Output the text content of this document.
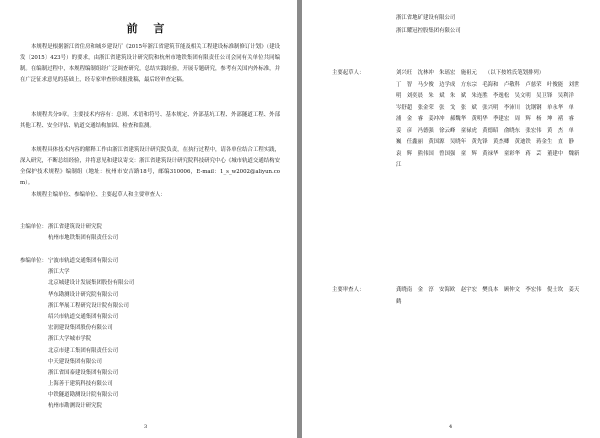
前 言
本规程是根据浙江省住房和城乡建设厅《2015年浙江省建筑节能及相关工程建设标准制修订计划》（建设发〔2015〕423号）的要求，由浙江省建筑设计研究院和杭州市地铁集团有限责任公司会同有关单位共同编制。在编制过程中，本规程编制组经广泛调查研究，总结实践经验，开展专题研究，参考有关国内外标准，并在广泛征求意见的基础上，经专家审查形成报批稿，最后经审查定稿。
本规程共分9章。主要技术内容有：总则、术语和符号、基本规定、外部基坑工程、外部隧道工程、外部其他工程、安全评估、轨道交通结构加固、检查和监测。
本规程具体技术内容的解释工作由浙江省建筑设计研究院负责，在执行过程中，请各单位结合工程实践，深入研究，不断总结经验，并将意见和建议寄交：浙江省建筑设计研究院科技研究中心《城市轨道交通结构安全保护技术规程》编制组（地址：杭州市安吉路18号，邮编310006，E-mail：1_s_w2002@aliyun.com）。
本规程主编单位、参编单位、主要起草人和主要审查人：
主编单位： 浙江省建筑设计研究院
杭州市地铁集团有限责任公司
参编单位： 宁波市轨道交通集团有限公司
浙江大学
北京城建设计发展集团股份有限公司
华东勘测设计研究院有限公司
浙江华展工程研究设计院有限公司
绍兴市轨道交通集团有限公司
宏润建设集团股份有限公司
浙江大学城市学院
北京市建工集团有限责任公司
中天建设集团有限公司
浙江省国泰建设集团有限公司
上海善于建筑科技有限公司
中铁隧道勘测设计院有限公司
杭州市勘测设计研究院
3
浙江省地矿建设有限公司
浙江耀冠控股集团有限公司
主要起草人：	刘兴旺　沈林冲　朱瑶宏　施祖元 （以下按姓氏笔划排列）
丁　智　马少俊　边学成　方东宗　毛海和　卢敬科　卢慈荣　叶俊能　刘世明　刘奕晨　朱　斌　朱　斌　朱连胜　李逸松　吴文明　吴卫锋　吴利洋　岑舒超　张金荣　张　戈　张　斌　张兴明　李沛川　沈钢钢　单永华　单　浦　金　睿　姜冲冲　郝魏华　黄明华　季建宏　周　辉　杨　坤　褚　睿　姜　彦　冯德强　徐云峰　童禄虎　黄德昭　俞晓东　张宏伟　黄　杰　单　巍　任鑫丽　黄国源　吴晓年　黄先锋　黄杰卿　黄迪铁　蒋金生　直　静　袁　辉　熊伟国　曾国强　童　辉　黄禄华　童彩华　蒋　芸　董建中　魏新江
主要审查人：	龚晓南　金　淳　安海欧　赵宇宏　樊良本　顾仲文　李宏伟　倪士坎　姜天鹤
4
